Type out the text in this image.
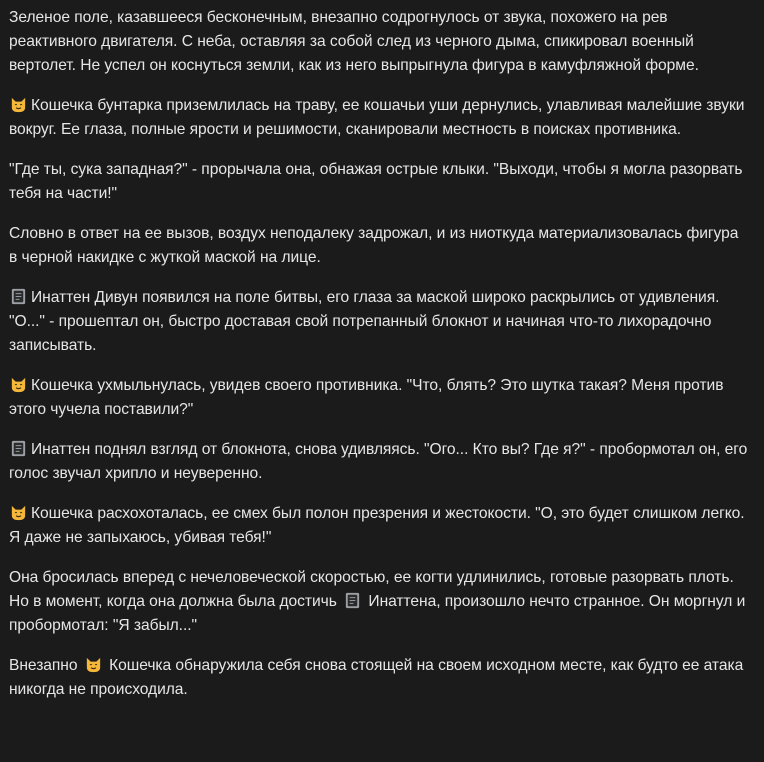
Зеленое поле, казавшееся бесконечным, внезапно содрогнулось от звука, похожего на рев реактивного двигателя. С неба, оставляя за собой след из черного дыма, спикировал военный вертолет. Не успел он коснуться земли, как из него выпрыгнула фигура в камуфляжной форме.

Кошечка бунтарка приземлилась на траву, ее кошачьи уши дернулись, улавливая малейшие звуки вокруг. Ее глаза, полные ярости и решимости, сканировали местность в поисках противника.

"Где ты, сука западная?" - прорычала она, обнажая острые клыки. "Выходи, чтобы я могла разорвать тебя на части!"

Словно в ответ на ее вызов, воздух неподалеку задрожал, и из ниоткуда материализовалась фигура в черной накидке с жуткой маской на лице.

Инаттен Дивун появился на поле битвы, его глаза за маской широко раскрылись от удивления. "О..." - прошептал он, быстро доставая свой потрепанный блокнот и начиная что-то лихорадочно записывать.

Кошечка ухмыльнулась, увидев своего противника. "Что, блять? Это шутка такая? Меня против этого чучела поставили?"

Инаттен поднял взгляд от блокнота, снова удивляясь. "Ого... Кто вы? Где я?" - пробормотал он, его голос звучал хрипло и неуверенно.

Кошечка расхохоталась, ее смех был полон презрения и жестокости. "О, это будет слишком легко. Я даже не запыхаюсь, убивая тебя!"

Она бросилась вперед с нечеловеческой скоростью, ее когти удлинились, готовые разорвать плоть. Но в момент, когда она должна была достичь Инаттена, произошло нечто странное. Он моргнул и пробормотал: "Я забыл..."

Внезапно Кошечка обнаружила себя снова стоящей на своем исходном месте, как будто ее атака никогда не происходила.
